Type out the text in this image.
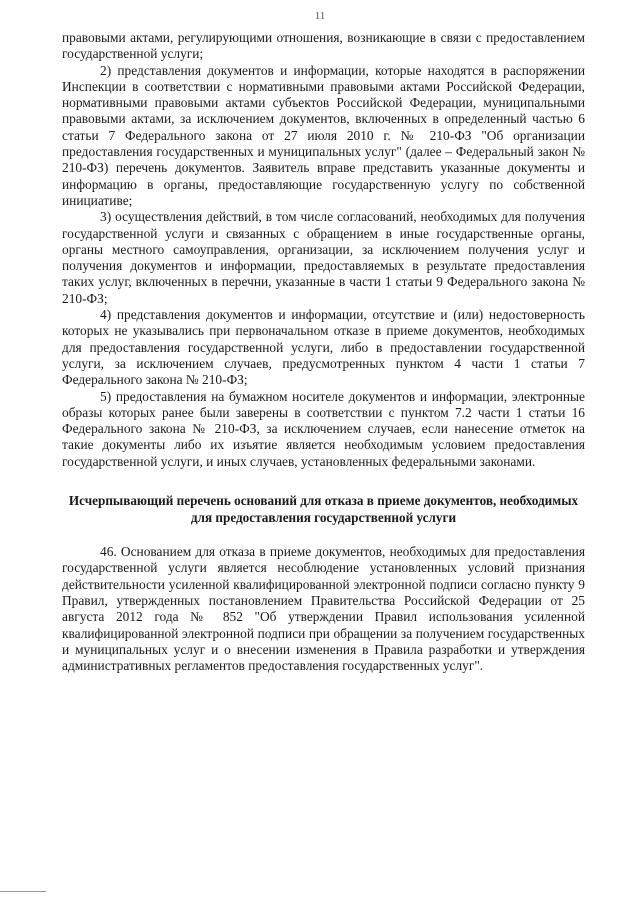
11

правовыми актами, регулирующими отношения, возникающие в связи с предоставлением государственной услуги;

2) представления документов и информации, которые находятся в распоряжении Инспекции в соответствии с нормативными правовыми актами Российской Федерации, нормативными правовыми актами субъектов Российской Федерации, муниципальными правовыми актами, за исключением документов, включенных в определенный частью 6 статьи 7 Федерального закона от 27 июля 2010 г. № 210-ФЗ "Об организации предоставления государственных и муниципальных услуг" (далее – Федеральный закон № 210-ФЗ) перечень документов. Заявитель вправе представить указанные документы и информацию в органы, предоставляющие государственную услугу по собственной инициативе;

3) осуществления действий, в том числе согласований, необходимых для получения государственной услуги и связанных с обращением в иные государственные органы, органы местного самоуправления, организации, за исключением получения услуг и получения документов и информации, предоставляемых в результате предоставления таких услуг, включенных в перечни, указанные в части 1 статьи 9 Федерального закона № 210-ФЗ;

4) представления документов и информации, отсутствие и (или) недостоверность которых не указывались при первоначальном отказе в приеме документов, необходимых для предоставления государственной услуги, либо в предоставлении государственной услуги, за исключением случаев, предусмотренных пунктом 4 части 1 статьи 7 Федерального закона № 210-ФЗ;

5) предоставления на бумажном носителе документов и информации, электронные образы которых ранее были заверены в соответствии с пунктом 7.2 части 1 статьи 16 Федерального закона № 210-ФЗ, за исключением случаев, если нанесение отметок на такие документы либо их изъятие является необходимым условием предоставления государственной услуги, и иных случаев, установленных федеральными законами.

Исчерпывающий перечень оснований для отказа в приеме документов, необходимых для предоставления государственной услуги

46. Основанием для отказа в приеме документов, необходимых для предоставления государственной услуги является несоблюдение установленных условий признания действительности усиленной квалифицированной электронной подписи согласно пункту 9 Правил, утвержденных постановлением Правительства Российской Федерации от 25 августа 2012 года № 852 "Об утверждении Правил использования усиленной квалифицированной электронной подписи при обращении за получением государственных и муниципальных услуг и о внесении изменения в Правила разработки и утверждения административных регламентов предоставления государственных услуг".
